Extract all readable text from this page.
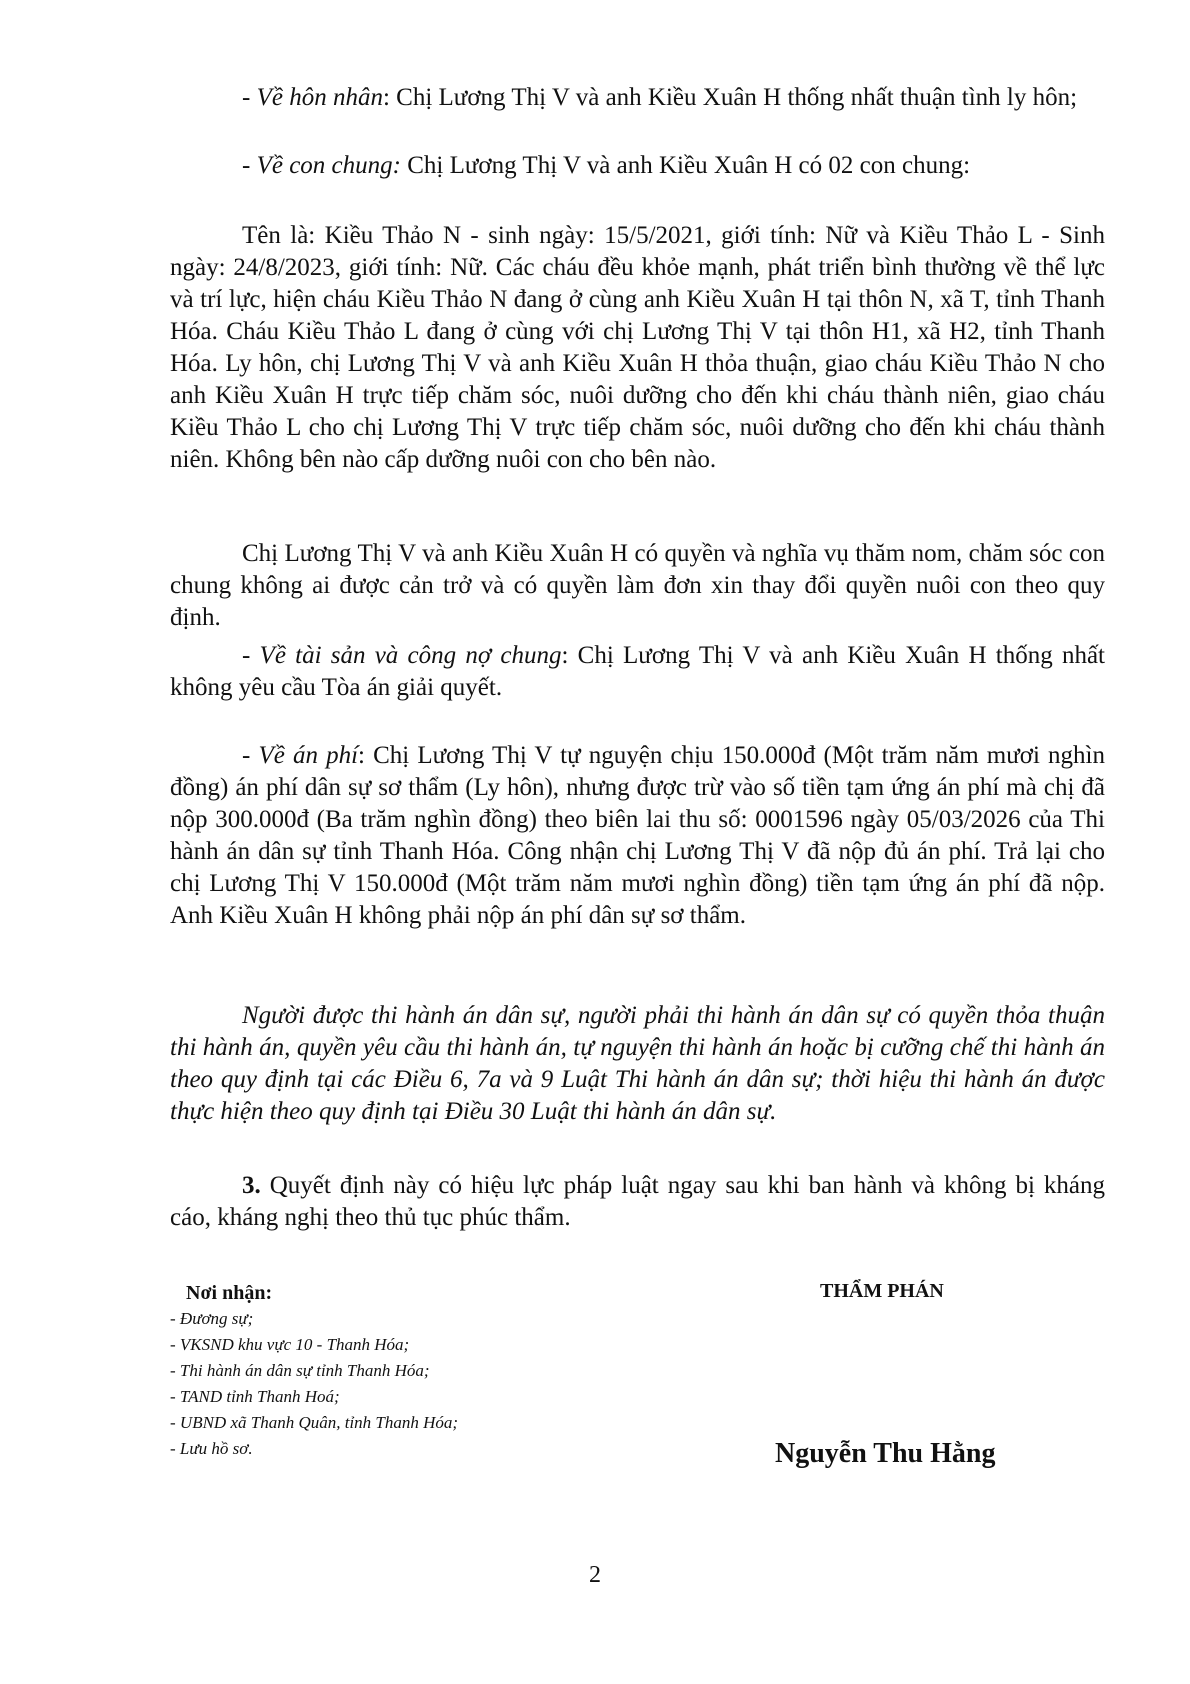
- Về hôn nhân: Chị Lương Thị V và anh Kiều Xuân H thống nhất thuận tình ly hôn;

- Về con chung: Chị Lương Thị V và anh Kiều Xuân H có 02 con chung:

Tên là: Kiều Thảo N - sinh ngày: 15/5/2021, giới tính: Nữ và Kiều Thảo L - Sinh ngày: 24/8/2023, giới tính: Nữ. Các cháu đều khỏe mạnh, phát triển bình thường về thể lực và trí lực, hiện cháu Kiều Thảo N đang ở cùng anh Kiều Xuân H tại thôn N, xã T, tỉnh Thanh Hóa. Cháu Kiều Thảo L đang ở cùng với chị Lương Thị V tại thôn H1, xã H2, tỉnh Thanh Hóa. Ly hôn, chị Lương Thị V và anh Kiều Xuân H thỏa thuận, giao cháu Kiều Thảo N cho anh Kiều Xuân H trực tiếp chăm sóc, nuôi dưỡng cho đến khi cháu thành niên, giao cháu Kiều Thảo L cho chị Lương Thị V trực tiếp chăm sóc, nuôi dưỡng cho đến khi cháu thành niên. Không bên nào cấp dưỡng nuôi con cho bên nào.

Chị Lương Thị V và anh Kiều Xuân H có quyền và nghĩa vụ thăm nom, chăm sóc con chung không ai được cản trở và có quyền làm đơn xin thay đổi quyền nuôi con theo quy định.

- Về tài sản và công nợ chung: Chị Lương Thị V và anh Kiều Xuân H thống nhất không yêu cầu Tòa án giải quyết.

- Về án phí: Chị Lương Thị V tự nguyện chịu 150.000đ (Một trăm năm mươi nghìn đồng) án phí dân sự sơ thẩm (Ly hôn), nhưng được trừ vào số tiền tạm ứng án phí mà chị đã nộp 300.000đ (Ba trăm nghìn đồng) theo biên lai thu số: 0001596 ngày 05/03/2026 của Thi hành án dân sự tỉnh Thanh Hóa. Công nhận chị Lương Thị V đã nộp đủ án phí. Trả lại cho chị Lương Thị V 150.000đ (Một trăm năm mươi nghìn đồng) tiền tạm ứng án phí đã nộp. Anh Kiều Xuân H không phải nộp án phí dân sự sơ thẩm.

Người được thi hành án dân sự, người phải thi hành án dân sự có quyền thỏa thuận thi hành án, quyền yêu cầu thi hành án, tự nguyện thi hành án hoặc bị cưỡng chế thi hành án theo quy định tại các Điều 6, 7a và 9 Luật Thi hành án dân sự; thời hiệu thi hành án được thực hiện theo quy định tại Điều 30 Luật thi hành án dân sự.

3. Quyết định này có hiệu lực pháp luật ngay sau khi ban hành và không bị kháng cáo, kháng nghị theo thủ tục phúc thẩm.

Nơi nhận:

- Đương sự;
- VKSND khu vực 10 - Thanh Hóa;
- Thi hành án dân sự tỉnh Thanh Hóa;
- TAND tỉnh Thanh Hoá;
- UBND xã Thanh Quân, tỉnh Thanh Hóa;
- Lưu hồ sơ.

THẨM PHÁN

Nguyễn Thu Hằng

2
